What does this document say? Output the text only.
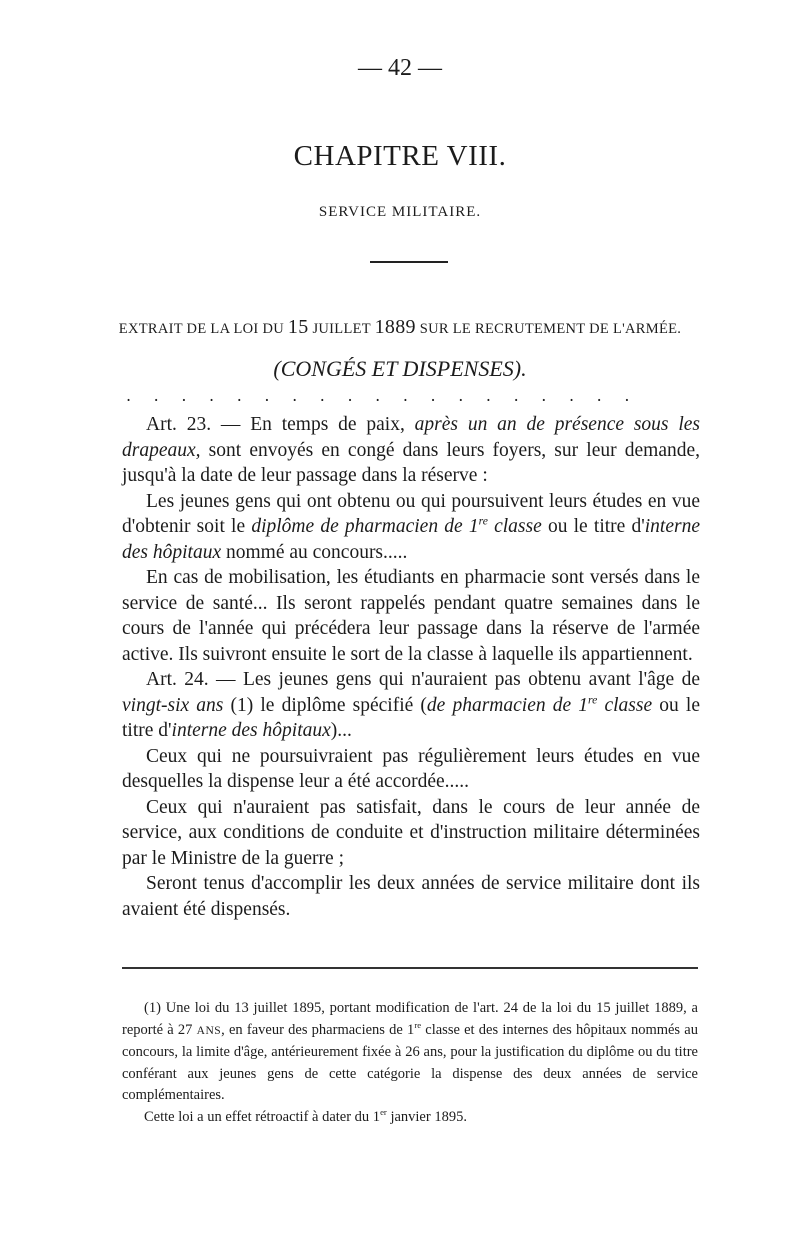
— 42 —
CHAPITRE VIII.
SERVICE MILITAIRE.
EXTRAIT DE LA LOI DU 15 JUILLET 1889 SUR LE RECRUTEMENT DE L'ARMÉE.
(CONGÉS ET DISPENSES).
...................

Art. 23. — En temps de paix, après un an de présence sous les drapeaux, sont envoyés en congé dans leurs foyers, sur leur demande, jusqu'à la date de leur passage dans la réserve :

Les jeunes gens qui ont obtenu ou qui poursuivent leurs études en vue d'obtenir soit le diplôme de pharmacien de 1re classe ou le titre d'interne des hôpitaux nommé au concours.....

En cas de mobilisation, les étudiants en pharmacie sont versés dans le service de santé... Ils seront rappelés pendant quatre semaines dans le cours de l'année qui précédera leur passage dans la réserve de l'armée active. Ils suivront ensuite le sort de la classe à laquelle ils appartiennent.

Art. 24. — Les jeunes gens qui n'auraient pas obtenu avant l'âge de vingt-six ans (1) le diplôme spécifié (de pharmacien de 1re classe ou le titre d'interne des hôpitaux)...

Ceux qui ne poursuivraient pas régulièrement leurs études en vue desquelles la dispense leur a été accordée.....

Ceux qui n'auraient pas satisfait, dans le cours de leur année de service, aux conditions de conduite et d'instruction militaire déterminées par le Ministre de la guerre ;

Seront tenus d'accomplir les deux années de service militaire dont ils avaient été dispensés.

(1) Une loi du 13 juillet 1895, portant modification de l'art. 24 de la loi du 15 juillet 1889, a reporté à 27 ANS, en faveur des pharmaciens de 1re classe et des internes des hôpitaux nommés au concours, la limite d'âge, antérieurement fixée à 26 ans, pour la justification du diplôme ou du titre conférant aux jeunes gens de cette catégorie la dispense des deux années de service complémentaires.

Cette loi a un effet rétroactif à dater du 1er janvier 1895.
